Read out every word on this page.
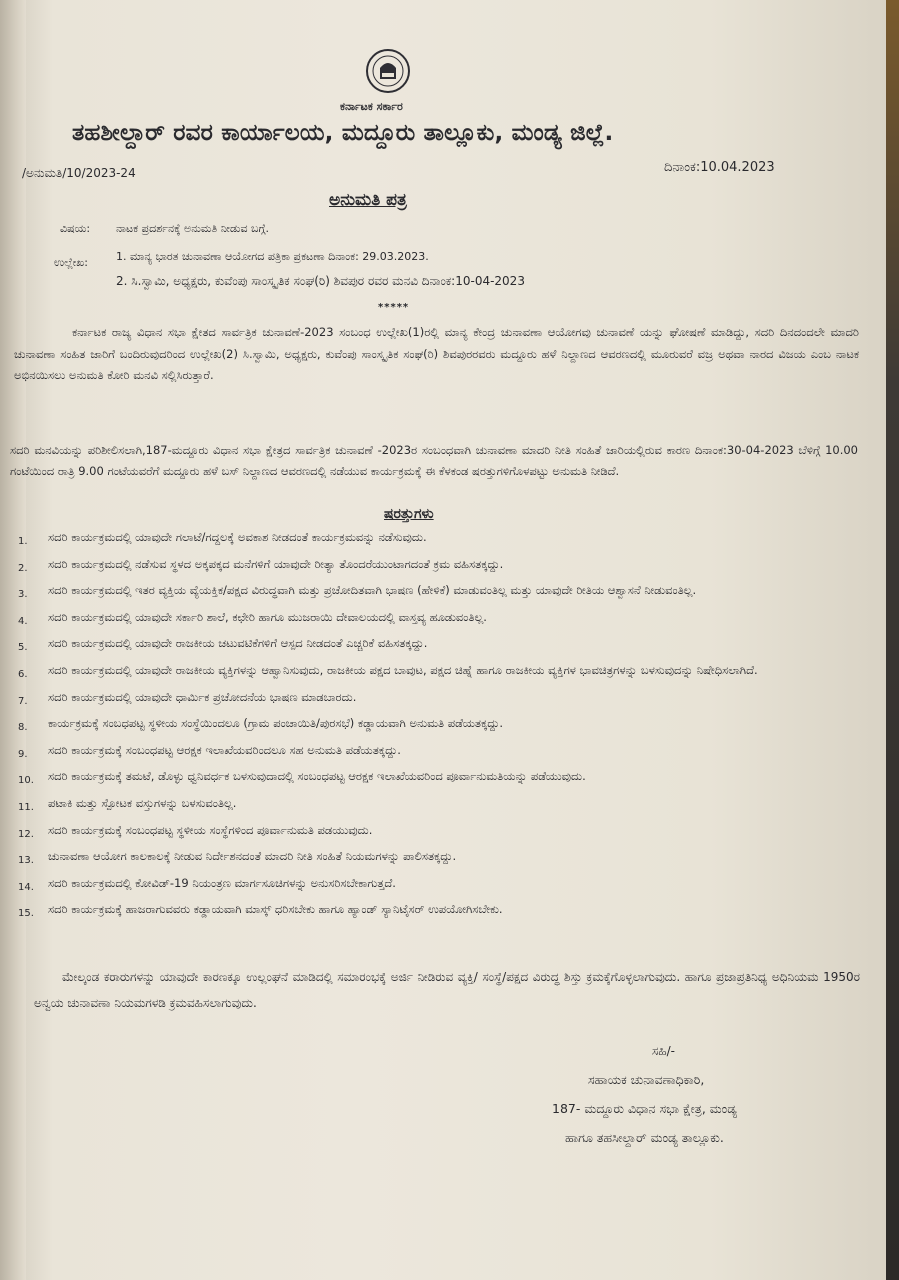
ಕರ್ನಾಟಕ ಸರ್ಕಾರ
ತಹಶೀಲ್ದಾರ್ ರವರ ಕಾರ್ಯಾಲಯ, ಮದ್ದೂರು ತಾಲ್ಲೂಕು, ಮಂಡ್ಯ ಜಿಲ್ಲೆ.
/ಅನುಮತಿ/10/2023-24	ದಿನಾಂಕ:10.04.2023
ಅನುಮತಿ ಪತ್ರ
ವಿಷಯ: ನಾಟಕ ಪ್ರದರ್ಶನಕ್ಕೆ ಅನುಮತಿ ನೀಡುವ ಬಗ್ಗೆ.
ಉಲ್ಲೇಖ:	1. ಮಾನ್ಯ ಭಾರತ ಚುನಾವಣಾ ಆಯೋಗದ ಪತ್ರಿಕಾ ಪ್ರಕಟಣಾ ದಿನಾಂಕ: 29.03.2023.
2. ಸಿ.ಸ್ವಾಮಿ, ಅಧ್ಯಕ್ಷರು, ಕುವೆಂಪು ಸಾಂಸ್ಕೃತಿಕ ಸಂಘ(ರಿ) ಶಿವಪುರ ರವರ ಮನವಿ ದಿನಾಂಕ:10-04-2023
*****
ಕರ್ನಾಟಕ ರಾಜ್ಯ ವಿಧಾನ ಸಭಾ ಕ್ಷೇತದ ಸಾರ್ವತ್ರಿಕ ಚುನಾವಣೆ-2023 ಸಂಬಂಧ ಉಲ್ಲೇಖ(1)ರಲ್ಲಿ ಮಾನ್ಯ ಕೇಂದ್ರ ಚುನಾವಣಾ ಆಯೋಗವು ಚುನಾವಣೆ ಯನ್ನು ಘೋಷಣೆ ಮಾಡಿದ್ದು, ಸದರಿ ದಿನದಂದಲೇ ಮಾದರಿ ಚುನಾವಣಾ ಸಂಹಿತ ಜಾರಿಗೆ ಬಂದಿರುವುದರಿಂದ ಉಲ್ಲೇಖ(2) ಸಿ.ಸ್ವಾಮಿ, ಅಧ್ಯಕ್ಷರು, ಕುವೆಂಪು ಸಾಂಸ್ಕೃತಿಕ ಸಂಘ(ರಿ) ಶಿವಪುರರವರು ಮದ್ದೂರು ಹಳೆ ನಿಲ್ದಾಣದ ಆವರಣದಲ್ಲಿ ಮೂರುವರೆ ವಜ್ರ ಅಥವಾ ನಾರದ ವಿಜಯ ಎಂಬ ನಾಟಕ ಅಭಿನಯಿಸಲು ಅನುಮತಿ ಕೋರಿ ಮನವಿ ಸಲ್ಲಿಸಿರುತ್ತಾರೆ.
ಸದರಿ ಮನವಿಯನ್ನು ಪರಿಶೀಲಿಸಲಾಗಿ,187-ಮದ್ದೂರು ವಿಧಾನ ಸಭಾ ಕ್ಷೇತ್ರದ ಸಾರ್ವತ್ರಿಕ ಚುನಾವಣೆ -2023ರ ಸಂಬಂಧವಾಗಿ ಚುನಾವಣಾ ಮಾದರಿ ನೀತಿ ಸಂಹಿತೆ ಜಾರಿಯಲ್ಲಿರುವ ಕಾರಣ ದಿನಾಂಕ:30-04-2023 ಬೆಳಿಗ್ಗೆ 10.00 ಗಂಟೆಯಿಂದ ರಾತ್ರಿ 9.00 ಗಂಟೆಯವರೆಗೆ ಮದ್ದೂರು ಹಳೆ ಬಸ್ ನಿಲ್ದಾಣದ ಆವರಣದಲ್ಲಿ ನಡೆಯುವ ಕಾರ್ಯಕ್ರಮಕ್ಕೆ ಈ ಕೆಳಕಂಡ ಷರತ್ತುಗಳಿಗೊಳಪಟ್ಟು ಅನುಮತಿ ನೀಡಿದೆ.
ಷರತ್ತುಗಳು
1.	ಸದರಿ ಕಾರ್ಯಕ್ರಮದಲ್ಲಿ ಯಾವುದೇ ಗಲಾಟೆ/ಗದ್ದಲಕ್ಕೆ ಅವಕಾಶ ನೀಡದಂತೆ ಕಾರ್ಯಕ್ರಮವನ್ನು ನಡೆಸುವುದು.
2.	ಸದರಿ ಕಾರ್ಯಕ್ರಮದಲ್ಲಿ ನಡೆಸುವ ಸ್ಥಳದ ಅಕ್ಕಪಕ್ಕದ ಮನೆಗಳಿಗೆ ಯಾವುದೇ ರೀತ್ಯಾ ತೊಂದರೆಯುಂಟಾಗದಂತೆ ಕ್ರಮ ವಹಿಸತಕ್ಕದ್ದು.
3.	ಸದರಿ ಕಾರ್ಯಕ್ರಮದಲ್ಲಿ ಇತರ ವ್ಯಕ್ತಿಯ ವ್ಯೆಯಕ್ತಿಕ/ಪಕ್ಷದ ವಿರುದ್ಧವಾಗಿ ಮತ್ತು ಪ್ರಚೋದಿತವಾಗಿ ಭಾಷಣ (ಹೇಳಿಕೆ) ಮಾಡುವಂತಿಲ್ಲ ಮತ್ತು ಯಾವುದೇ ರೀತಿಯ ಆಶ್ವಾಸನೆ ನೀಡುವಂತಿಲ್ಲ.
4.	ಸದರಿ ಕಾರ್ಯಕ್ರಮದಲ್ಲಿ ಯಾವುದೇ ಸರ್ಕಾರಿ ಶಾಲೆ, ಕಛೇರಿ ಹಾಗೂ ಮುಜರಾಯಿ ದೇವಾಲಯದಲ್ಲಿ ವಾಸ್ತವ್ಯ ಹೂಡುವಂತಿಲ್ಲ.
5.	ಸದರಿ ಕಾರ್ಯಕ್ರಮದಲ್ಲಿ ಯಾವುದೇ ರಾಜಕೀಯ ಚಟುವಟಿಕೆಗಳಿಗೆ ಆಸ್ಪದ ನೀಡದಂತೆ ಎಚ್ಚರಿಕೆ ವಹಿಸತಕ್ಕದ್ದು.
6.	ಸದರಿ ಕಾರ್ಯಕ್ರಮದಲ್ಲಿ ಯಾವುದೇ ರಾಜಕೀಯ ವ್ಯಕ್ತಿಗಳನ್ನು ಆಹ್ವಾನಿಸುವುದು, ರಾಜಕೀಯ ಪಕ್ಷದ ಬಾವುಟ, ಪಕ್ಷದ ಚಿಹ್ನೆ ಹಾಗೂ ರಾಜಕೀಯ ವ್ಯಕ್ತಿಗಳ ಭಾವಚಿತ್ರಗಳನ್ನು ಬಳಸುವುದನ್ನು ನಿಷೇಧಿಸಲಾಗಿದೆ.
7.	ಸದರಿ ಕಾರ್ಯಕ್ರಮದಲ್ಲಿ ಯಾವುದೇ ಧಾರ್ಮಿಕ ಪ್ರಚೋದನೆಯ ಭಾಷಣ ಮಾಡಬಾರದು.
8.	ಕಾರ್ಯಕ್ರಮಕ್ಕೆ ಸಂಬಧಪಟ್ಟ ಸ್ಥಳೀಯ ಸಂಸ್ಥೆಯಿಂದಲೂ (ಗ್ರಾಮ ಪಂಚಾಯಿತಿ/ಪುರಸಭೆ) ಕಡ್ಡಾಯವಾಗಿ ಅನುಮತಿ ಪಡೆಯತಕ್ಕದ್ದು.
9.	ಸದರಿ ಕಾರ್ಯಕ್ರಮಕ್ಕೆ ಸಂಬಂಧಪಟ್ಟ ಆರಕ್ಷಕ ಇಲಾಖೆಯವರಿಂದಲೂ ಸಹ ಅನುಮತಿ ಪಡೆಯತಕ್ಕದ್ದು.
10.	ಸದರಿ ಕಾರ್ಯಕ್ರಮಕ್ಕೆ ತಮಟೆ, ಡೊಳ್ಳು ಧ್ವನಿವರ್ಧಕ ಬಳಸುವುದಾದಲ್ಲಿ ಸಂಬಂಧಪಟ್ಟ ಆರಕ್ಷಕ ಇಲಾಖೆಯವರಿಂದ ಪೂರ್ವಾನುಮತಿಯನ್ನು ಪಡೆಯುವುದು.
11.	ಪಟಾಕಿ ಮತ್ತು ಸ್ಪೋಟಕ ವಸ್ತುಗಳನ್ನು ಬಳಸುವಂತಿಲ್ಲ.
12.	ಸದರಿ ಕಾರ್ಯಕ್ರಮಕ್ಕೆ ಸಂಬಂಧಪಟ್ಟ ಸ್ಥಳೀಯ ಸಂಸ್ಥೆಗಳಿಂದ ಪೂರ್ವಾನುಮತಿ ಪಡಯುವುದು.
13.	ಚುನಾವಣಾ ಆಯೋಗ ಕಾಲಕಾಲಕ್ಕೆ ನೀಡುವ ನಿರ್ದೇಶನದಂತೆ ಮಾದರಿ ನೀತಿ ಸಂಹಿತೆ ನಿಯಮಗಳನ್ನು ಪಾಲಿಸತಕ್ಕದ್ದು.
14.	ಸದರಿ ಕಾರ್ಯಕ್ರಮದಲ್ಲಿ ಕೋವಿಡ್-19 ನಿಯಂತ್ರಣ ಮಾರ್ಗಸೂಚಿಗಳನ್ನು ಅನುಸರಿಸಬೇಕಾಗುತ್ತದೆ.
15.	ಸದರಿ ಕಾರ್ಯಕ್ರಮಕ್ಕೆ ಹಾಜರಾಗುವವರು ಕಡ್ಡಾಯವಾಗಿ ಮಾಸ್ಕ್ ಧರಿಸಬೇಕು ಹಾಗೂ ಹ್ಯಾಂಡ್ ಸ್ಯಾನಿಟೈಸರ್ ಉಪಯೋಗಿಸಬೇಕು.
ಮೇಲ್ಕಂಡ ಕರಾರುಗಳನ್ನು ಯಾವುದೇ ಕಾರಣಕ್ಕೂ ಉಲ್ಲಂಘನೆ ಮಾಡಿದಲ್ಲಿ ಸಮಾರಂಭಕ್ಕೆ ಅರ್ಜಿ ನೀಡಿರುವ ವ್ಯಕ್ತಿ/ ಸಂಸ್ಥೆ/ಪಕ್ಷದ ವಿರುದ್ಧ ಶಿಸ್ತು ಕ್ರಮಕ್ಕೆಗೊಳ್ಳಲಾಗುವುದು. ಹಾಗೂ ಪ್ರಜಾಪ್ರತಿನಿಧ್ಯ ಅಧಿನಿಯಮ 1950ರ ಅನ್ವಯ ಚುನಾವಣಾ ನಿಯಮಗಳಡಿ ಕ್ರಮವಹಿಸಲಾಗುವುದು.
ಸಹಿ/-
ಸಹಾಯಕ ಚುನಾವಣಾಧಿಕಾರಿ,
187- ಮದ್ದೂರು ವಿಧಾನ ಸಭಾ ಕ್ಷೇತ್ರ, ಮಂಡ್ಯ
ಹಾಗೂ ತಹಸೀಲ್ದಾರ್ ಮಂಡ್ಯ ತಾಲ್ಲೂಕು.
